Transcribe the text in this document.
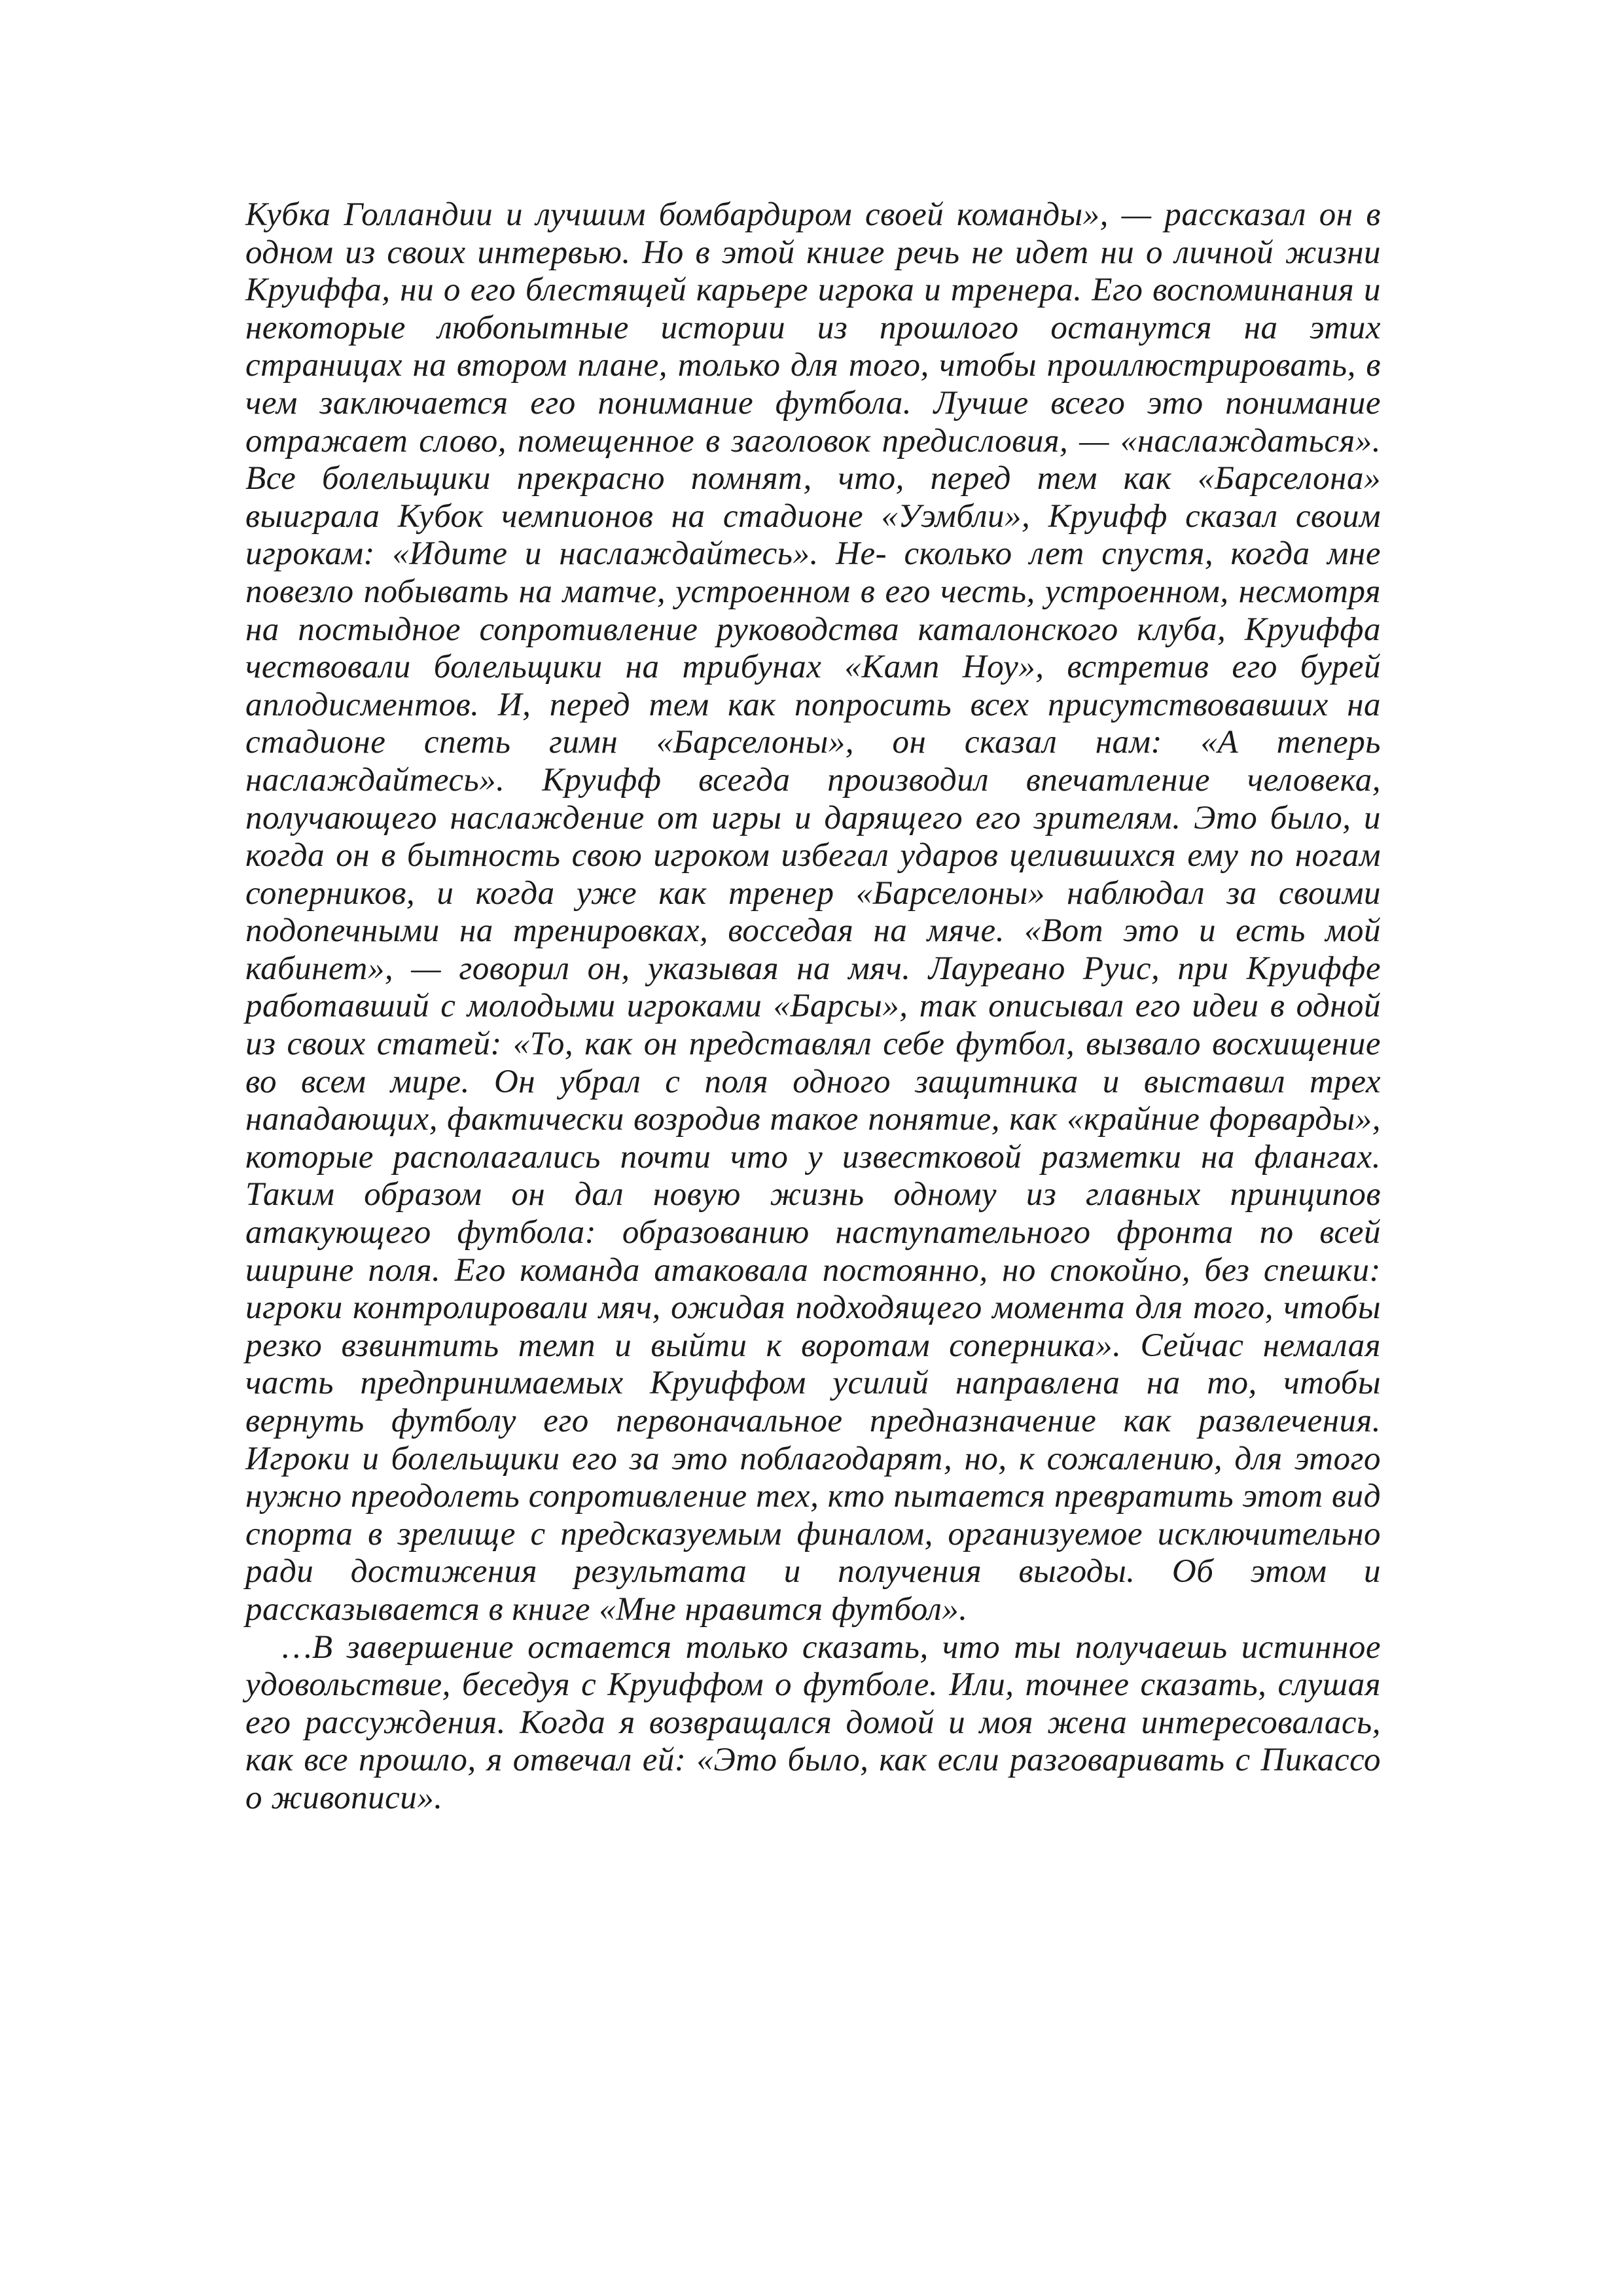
Кубка Голландии и лучшим бомбардиром своей команды», — рассказал он в одном из своих интервью. Но в этой книге речь не идет ни о личной жизни Круиффа, ни о его блестящей карьере игрока и тренера. Его воспоминания и некоторые любопытные истории из прошлого останутся на этих страницах на втором плане, только для того, чтобы проиллюстрировать, в чем заключается его понимание футбола. Лучше всего это понимание отражает слово, помещенное в заголовок предисловия, — «наслаждаться». Все болельщики прекрасно помнят, что, перед тем как «Барселона» выиграла Кубок чемпионов на стадионе «Уэмбли», Круифф сказал своим игрокам: «Идите и наслаждайтесь». Не- сколько лет спустя, когда мне повезло побывать на матче, устроенном в его честь, устроенном, несмотря на постыдное сопротивление руководства каталонского клуба, Круиффа чествовали болельщики на трибунах «Камп Ноу», встретив его бурей аплодисментов. И, перед тем как попросить всех присутствовавших на стадионе спеть гимн «Барселоны», он сказал нам: «А теперь наслаждайтесь». Круифф всегда производил впечатление человека, получающего наслаждение от игры и дарящего его зрителям. Это было, и когда он в бытность свою игроком избегал ударов целившихся ему по ногам соперников, и когда уже как тренер «Барселоны» наблюдал за своими подопечными на тренировках, восседая на мяче. «Вот это и есть мой кабинет», — говорил он, указывая на мяч. Лауреано Руис, при Круиффе работавший с молодыми игроками «Барсы», так описывал его идеи в одной из своих статей: «То, как он представлял себе футбол, вызвало восхищение во всем мире. Он убрал с поля одного защитника и выставил трех нападающих, фактически возродив такое понятие, как «крайние форварды», которые располагались почти что у известковой разметки на флангах. Таким образом он дал новую жизнь одному из главных принципов атакующего футбола: образованию наступательного фронта по всей ширине поля. Его команда атаковала постоянно, но спокойно, без спешки: игроки контролировали мяч, ожидая подходящего момента для того, чтобы резко взвинтить темп и выйти к воротам соперника». Сейчас немалая часть предпринимаемых Круиффом усилий направлена на то, чтобы вернуть футболу его первоначальное предназначение как развлечения. Игроки и болельщики его за это поблагодарят, но, к сожалению, для этого нужно преодолеть сопротивление тех, кто пытается превратить этот вид спорта в зрелище с предсказуемым финалом, организуемое исключительно ради достижения результата и получения выгоды. Об этом и рассказывается в книге «Мне нравится футбол».

…В завершение остается только сказать, что ты получаешь истинное удовольствие, беседуя с Круиффом о футболе. Или, точнее сказать, слушая его рассуждения. Когда я возвращался домой и моя жена интересовалась, как все прошло, я отвечал ей: «Это было, как если разговаривать с Пикассо о живописи».
